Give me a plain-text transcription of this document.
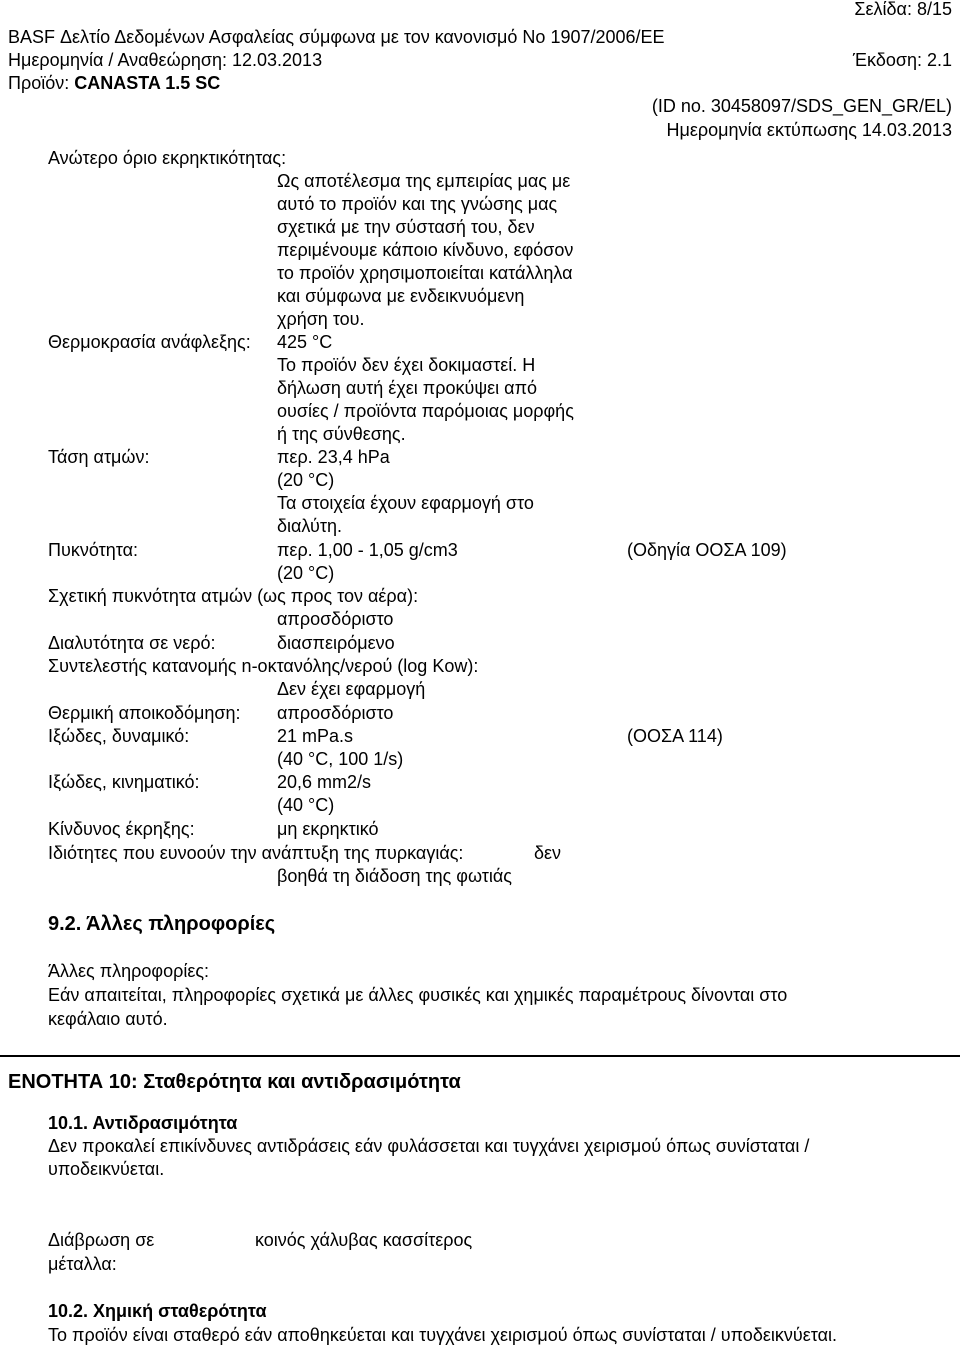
Σελίδα: 8/15
BASF Δελτίο Δεδομένων Ασφαλείας σύμφωνα με τον κανονισμό Νο 1907/2006/ΕΕ
Ημερομηνία / Αναθεώρηση: 12.03.2013	Έκδοση: 2.1
Προϊόν: CANASTA 1.5 SC
(ID no. 30458097/SDS_GEN_GR/EL)
Ημερομηνία εκτύπωσης 14.03.2013
Ανώτερο όριο εκρηκτικότητας:
Ως αποτέλεσμα της εμπειρίας μας με
αυτό το προϊόν και της γνώσης μας
σχετικά με την σύστασή του, δεν
περιμένουμε κάποιο κίνδυνο, εφόσον
το προϊόν χρησιμοποιείται κατάλληλα
και σύμφωνα με ενδεικνυόμενη
χρήση του.
Θερμοκρασία ανάφλεξης: 425 °C
Το προϊόν δεν έχει δοκιμαστεί. Η
δήλωση αυτή έχει προκύψει από
ουσίες / προϊόντα παρόμοιας μορφής
ή της σύνθεσης.
Τάση ατμών:	περ. 23,4 hPa
(20 °C)
Τα στοιχεία έχουν εφαρμογή στο
διαλύτη.
Πυκνότητα:	περ. 1,00 - 1,05 g/cm3	(Οδηγία ΟΟΣΑ 109)
(20 °C)
Σχετική πυκνότητα ατμών (ως προς τον αέρα):
απροσδόριστο
Διαλυτότητα σε νερό:	διασπειρόμενο
Συντελεστής κατανομής n-οκτανόλης/νερού (log Kow):
Δεν έχει εφαρμογή
Θερμική αποικοδόμηση: απροσδόριστο
Ιξώδες, δυναμικό:	21 mPa.s	(ΟΟΣΑ 114)
(40 °C, 100 1/s)
Ιξώδες, κινηματικό:	20,6 mm2/s
(40 °C)
Κίνδυνος έκρηξης:	μη εκρηκτικό
Ιδιότητες που ευνοούν την ανάπτυξη της πυρκαγιάς:	δεν
βοηθά τη διάδοση της φωτιάς
9.2. Άλλες πληροφορίες
Άλλες πληροφορίες:
Εάν απαιτείται, πληροφορίες σχετικά με άλλες φυσικές και χημικές παραμέτρους δίνονται στο
κεφάλαιο αυτό.
ΕΝΟΤΗΤΑ 10: Σταθερότητα και αντιδρασιμότητα
10.1. Αντιδρασιμότητα
Δεν προκαλεί επικίνδυνες αντιδράσεις εάν φυλάσσεται και τυγχάνει χειρισμού όπως συνίσταται /
υποδεικνύεται.
Διάβρωση σε	κοινός χάλυβας κασσίτερος
μέταλλα:
10.2. Χημική σταθερότητα
Το προϊόν είναι σταθερό εάν αποθηκεύεται και τυγχάνει χειρισμού όπως συνίσταται / υποδεικνύεται.
